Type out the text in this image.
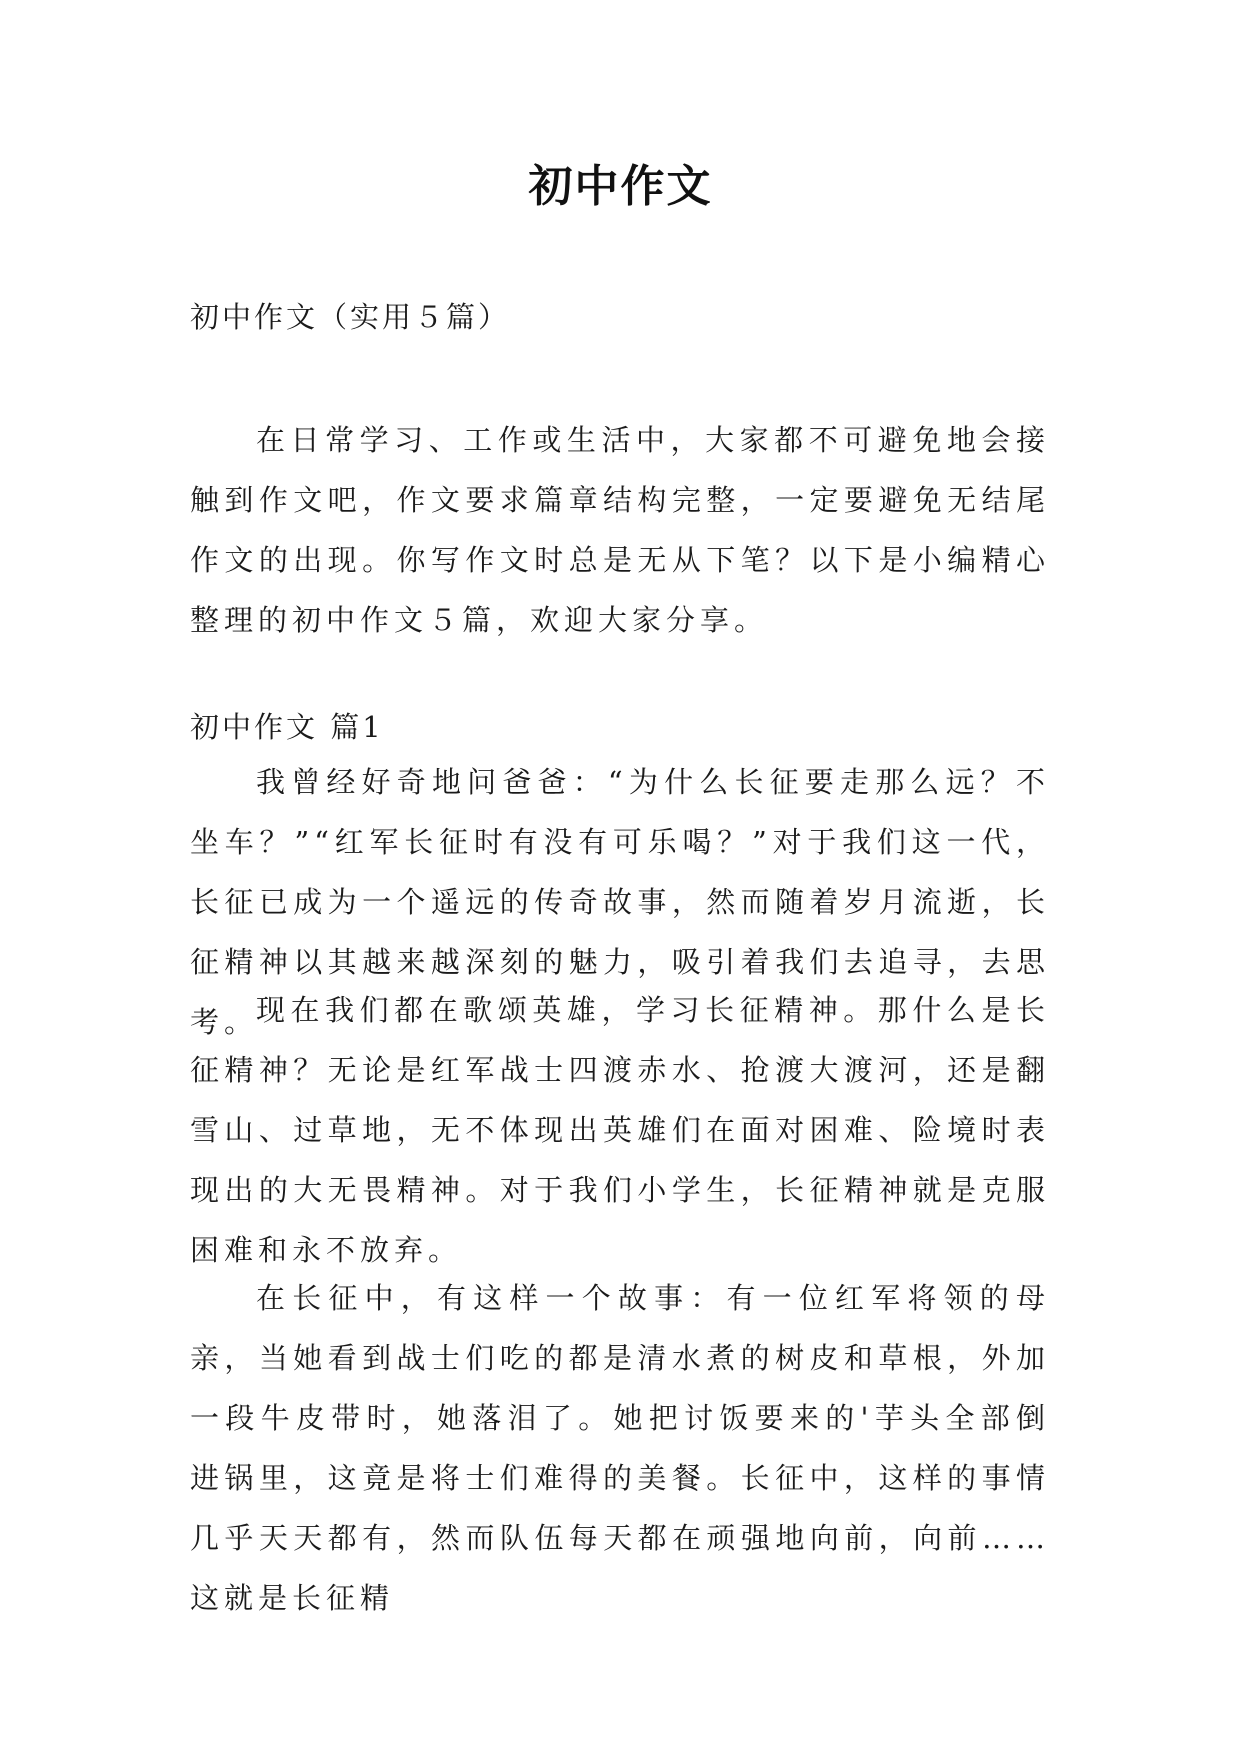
初中作文
初中作文（实用５篇）

在日常学习、工作或生活中，大家都不可避免地会接触到作文吧，作文要求篇章结构完整，一定要避免无结尾作文的出现。你写作文时总是无从下笔？以下是小编精心整理的初中作文５篇，欢迎大家分享。

初中作文 篇1

我曾经好奇地问爸爸：“为什么长征要走那么远？不坐车？”“红军长征时有没有可乐喝？”对于我们这一代，长征已成为一个遥远的传奇故事，然而随着岁月流逝，长征精神以其越来越深刻的魅力，吸引着我们去追寻，去思考。

现在我们都在歌颂英雄，学习长征精神。那什么是长征精神？无论是红军战士四渡赤水、抢渡大渡河，还是翻雪山、过草地，无不体现出英雄们在面对困难、险境时表现出的大无畏精神。对于我们小学生，长征精神就是克服困难和永不放弃。

在长征中，有这样一个故事：有一位红军将领的母亲，当她看到战士们吃的都是清水煮的树皮和草根，外加一段牛皮带时，她落泪了。她把讨饭要来的'芋头全部倒进锅里，这竟是将士们难得的美餐。长征中，这样的事情几乎天天都有，然而队伍每天都在顽强地向前，向前……这就是长征精
